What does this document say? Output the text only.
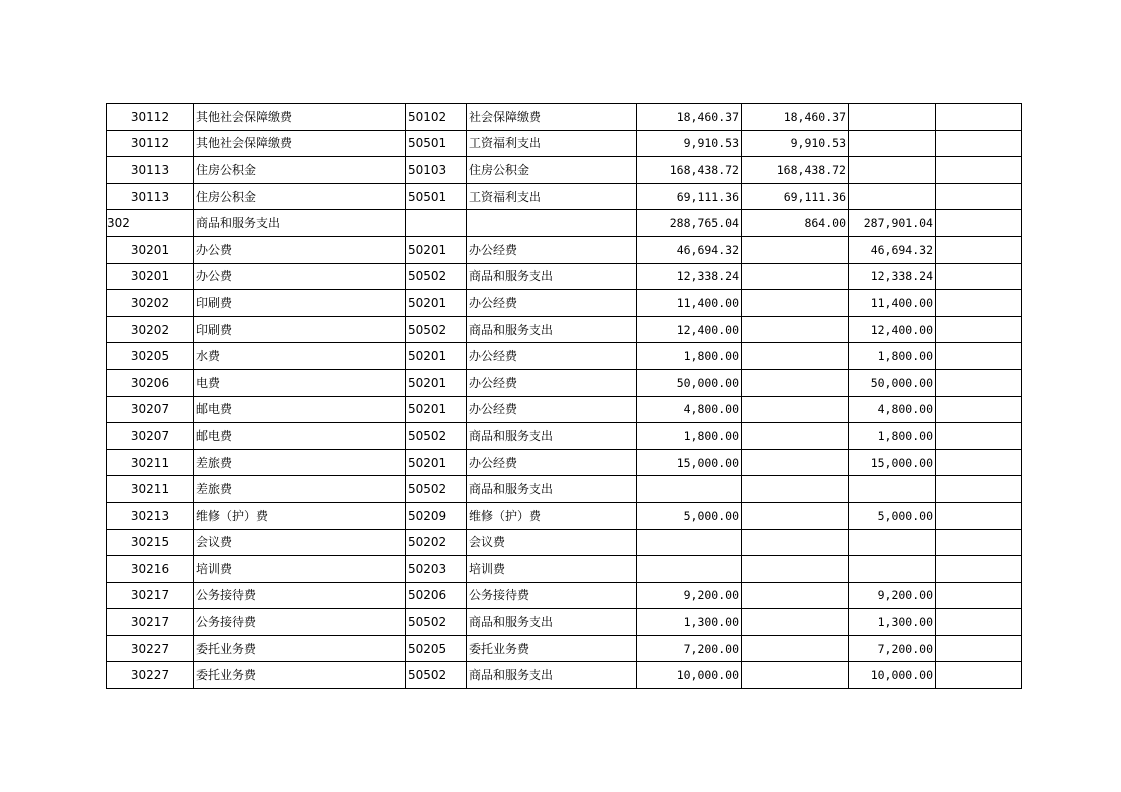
30112	其他社会保障缴费	50102	社会保障缴费	18,460.37	18,460.37		
30112	其他社会保障缴费	50501	工资福利支出	9,910.53	9,910.53		
30113	住房公积金	50103	住房公积金	168,438.72	168,438.72		
30113	住房公积金	50501	工资福利支出	69,111.36	69,111.36		
302	商品和服务支出			288,765.04	864.00	287,901.04	
30201	办公费	50201	办公经费	46,694.32		46,694.32	
30201	办公费	50502	商品和服务支出	12,338.24		12,338.24	
30202	印刷费	50201	办公经费	11,400.00		11,400.00	
30202	印刷费	50502	商品和服务支出	12,400.00		12,400.00	
30205	水费	50201	办公经费	1,800.00		1,800.00	
30206	电费	50201	办公经费	50,000.00		50,000.00	
30207	邮电费	50201	办公经费	4,800.00		4,800.00	
30207	邮电费	50502	商品和服务支出	1,800.00		1,800.00	
30211	差旅费	50201	办公经费	15,000.00		15,000.00	
30211	差旅费	50502	商品和服务支出				
30213	维修（护）费	50209	维修（护）费	5,000.00		5,000.00	
30215	会议费	50202	会议费				
30216	培训费	50203	培训费				
30217	公务接待费	50206	公务接待费	9,200.00		9,200.00	
30217	公务接待费	50502	商品和服务支出	1,300.00		1,300.00	
30227	委托业务费	50205	委托业务费	7,200.00		7,200.00	
30227	委托业务费	50502	商品和服务支出	10,000.00		10,000.00	
